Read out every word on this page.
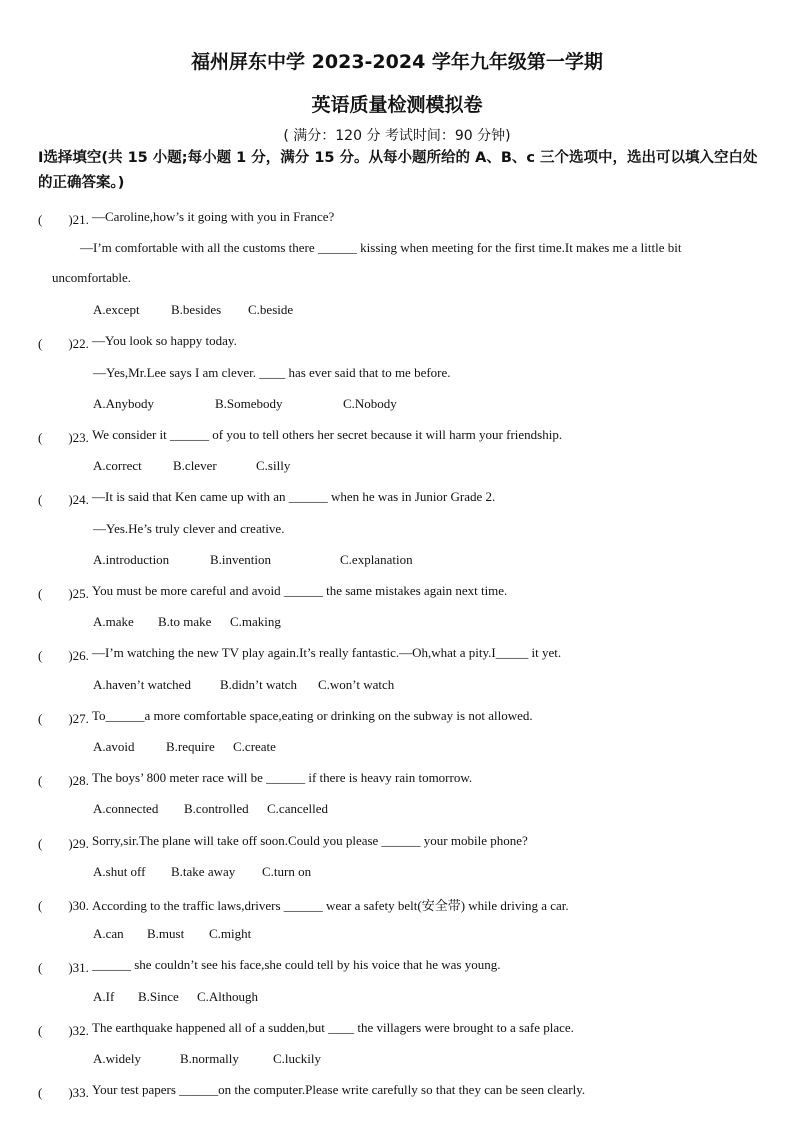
福州屏东中学 2023-2024 学年九年级第一学期
英语质量检测模拟卷
( 满分：120 分 考试时间：90 分钟)
Ⅰ选择填空(共 15 小题;每小题 1 分，满分 15 分。从每小题所给的 A、B、c 三个选项中，选出可以填入空白处的正确答案。)
(　　)21. —Caroline,how’s it going with you in France?
—I’m comfortable with all the customs there ______ kissing when meeting for the first time.It makes me a little bit
uncomfortable.
A.except B.besides C.beside
(　　)22. —You look so happy today.
—Yes,Mr.Lee says I am clever. ____ has ever said that to me before.
A.Anybody	B.Somebody	C.Nobody
(　　)23. We consider it ______ of you to tell others her secret because it will harm your friendship.
A.correct B.clever	C.silly
(　　)24. —It is said that Ken came up with an ______ when he was in Junior Grade 2.
—Yes.He’s truly clever and creative.
A.introduction	B.invention	C.explanation
(　　)25. You must be more careful and avoid ______ the same mistakes again next time.
A.make B.to make C.making
(　　)26. —I’m watching the new TV play again.It’s really fantastic.—Oh,what a pity.I_____ it yet.
A.haven’t watched B.didn’t watch C.won’t watch
(　　)27. To______a more comfortable space,eating or drinking on the subway is not allowed.
A.avoid B.require C.create
(　　)28. The boys’ 800 meter race will be ______ if there is heavy rain tomorrow.
A.connected B.controlled C.cancelled
(　　)29. Sorry,sir.The plane will take off soon.Could you please ______ your mobile phone?
A.shut off B.take away C.turn on
(　　)30. According to the traffic laws,drivers ______ wear a safety belt(安全带) while driving a car.
A.can B.must C.might
(　　)31. ______ she couldn’t see his face,she could tell by his voice that he was young.
A.If B.Since C.Although
(　　)32. The earthquake happened all of a sudden,but ____ the villagers were brought to a safe place.
A.widely	B.normally	C.luckily
(　　)33. Your test papers ______on the computer.Please write carefully so that they can be seen clearly.
